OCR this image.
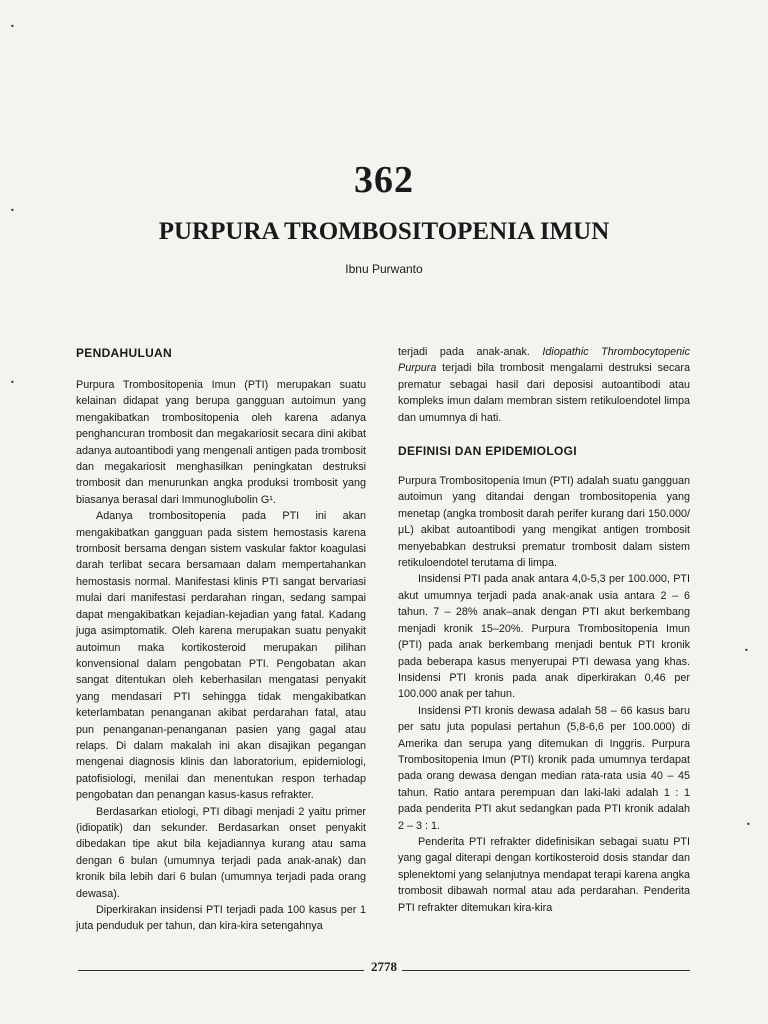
•
•
•
•
•
362
PURPURA TROMBOSITOPENIA IMUN
Ibnu Purwanto
PENDAHULUAN

Purpura Trombositopenia Imun (PTI) merupakan suatu kelainan didapat yang berupa gangguan autoimun yang mengakibatkan trombositopenia oleh karena adanya penghancuran trombosit dan megakariosit secara dini akibat adanya autoantibodi yang mengenali antigen pada trombosit dan megakariosit menghasilkan peningkatan destruksi trombosit dan menurunkan angka produksi trombosit yang biasanya berasal dari Immunoglubolin G¹.

Adanya trombositopenia pada PTI ini akan mengakibatkan gangguan pada sistem hemostasis karena trombosit bersama dengan sistem vaskular faktor koagulasi darah terlibat secara bersamaan dalam mempertahankan hemostasis normal. Manifestasi klinis PTI sangat bervariasi mulai dari manifestasi perdarahan ringan, sedang sampai dapat mengakibatkan kejadian-kejadian yang fatal. Kadang juga asimptomatik. Oleh karena merupakan suatu penyakit autoimun maka kortikosteroid merupakan pilihan konvensional dalam pengobatan PTI. Pengobatan akan sangat ditentukan oleh keberhasilan mengatasi penyakit yang mendasari PTI sehingga tidak mengakibatkan keterlambatan penanganan akibat perdarahan fatal, atau pun penanganan-penanganan pasien yang gagal atau relaps. Di dalam makalah ini akan disajikan pegangan mengenai diagnosis klinis dan laboratorium, epidemiologi, patofisiologi, menilai dan menentukan respon terhadap pengobatan dan penangan kasus-kasus refrakter.

Berdasarkan etiologi, PTI dibagi menjadi 2 yaitu primer (idiopatik) dan sekunder. Berdasarkan onset penyakit dibedakan tipe akut bila kejadiannya kurang atau sama dengan 6 bulan (umumnya terjadi pada anak-anak) dan kronik bila lebih dari 6 bulan (umumnya terjadi pada orang dewasa).

Diperkirakan insidensi PTI terjadi pada 100 kasus per 1 juta penduduk per tahun, dan kira-kira setengahnya

terjadi pada anak-anak. Idiopathic Thrombocytopenic Purpura terjadi bila trombosit mengalami destruksi secara prematur sebagai hasil dari deposisi autoantibodi atau kompleks imun dalam membran sistem retikuloendotel limpa dan umumnya di hati.

DEFINISI DAN EPIDEMIOLOGI

Purpura Trombositopenia Imun (PTI) adalah suatu gangguan autoimun yang ditandai dengan trombositopenia yang menetap (angka trombosit darah perifer kurang dari 150.000/μL) akibat autoantibodi yang mengikat antigen trombosit menyebabkan destruksi prematur trombosit dalam sistem retikuloendotel terutama di limpa.

Insidensi PTI pada anak antara 4,0-5,3 per 100.000, PTI akut umumnya terjadi pada anak-anak usia antara 2 – 6 tahun. 7 – 28% anak–anak dengan PTI akut berkembang menjadi kronik 15–20%. Purpura Trombositopenia Imun (PTI) pada anak berkembang menjadi bentuk PTI kronik pada beberapa kasus menyerupai PTI dewasa yang khas. Insidensi PTI kronis pada anak diperkirakan 0,46 per 100.000 anak per tahun.

Insidensi PTI kronis dewasa adalah 58 – 66 kasus baru per satu juta populasi pertahun (5,8-6,6 per 100.000) di Amerika dan serupa yang ditemukan di Inggris. Purpura Trombositopenia Imun (PTI) kronik pada umumnya terdapat pada orang dewasa dengan median rata-rata usia 40 – 45 tahun. Ratio antara perempuan dan laki-laki adalah 1 : 1 pada penderita PTI akut sedangkan pada PTI kronik adalah 2 – 3 : 1.

Penderita PTI refrakter didefinisikan sebagai suatu PTI yang gagal diterapi dengan kortikosteroid dosis standar dan splenektomi yang selanjutnya mendapat terapi karena angka trombosit dibawah normal atau ada perdarahan. Penderita PTI refrakter ditemukan kira-kira

2778
